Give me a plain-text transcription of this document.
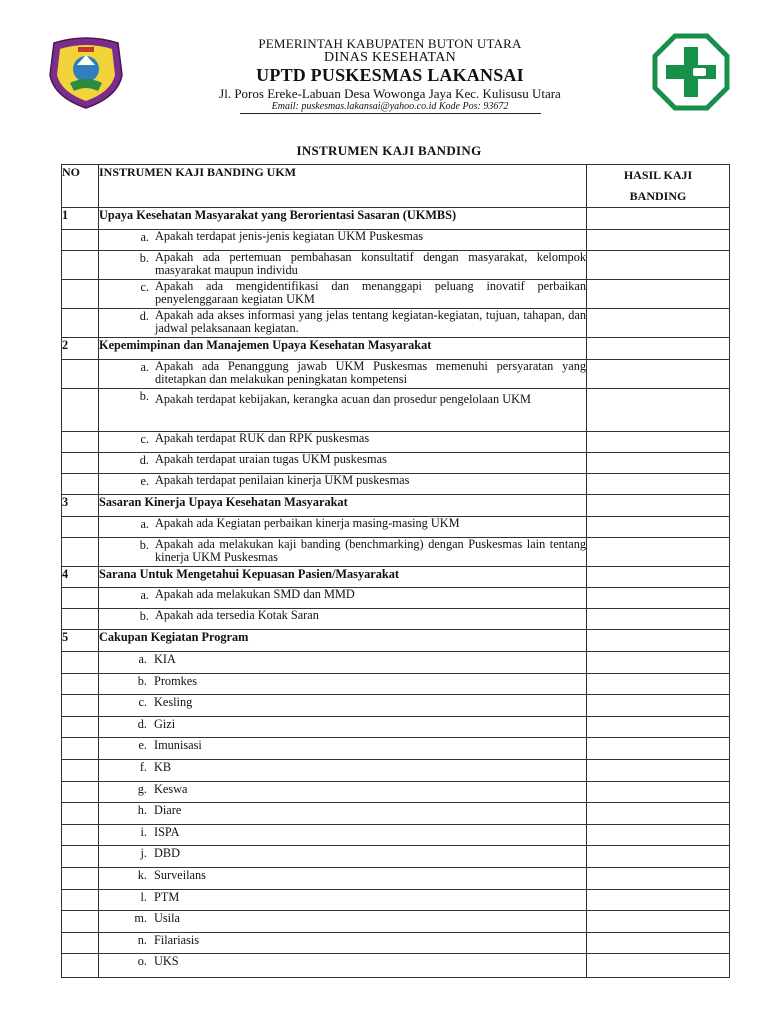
PEMERINTAH KABUPATEN BUTON UTARA
DINAS KESEHATAN
UPTD PUSKESMAS LAKANSAI
Jl. Poros Ereke-Labuan Desa Wowonga Jaya Kec. Kulisusu Utara
Email: puskesmas.lakansai@yahoo.co.id Kode Pos: 93672
INSTRUMEN KAJI BANDING
NO	INSTRUMEN KAJI BANDING UKM	HASIL KAJI
BANDING

1	Upaya Kesehatan Masyarakat yang Berorientasi Sasaran (UKMBS)	

	a. Apakah terdapat jenis-jenis kegiatan UKM Puskesmas	

	b. Apakah ada pertemuan pembahasan konsultatif dengan masyarakat, kelompok masyarakat maupun individu	

	c. Apakah ada mengidentifikasi dan menanggapi peluang inovatif perbaikan penyelenggaraan kegiatan UKM	

	d. Apakah ada akses informasi yang jelas tentang kegiatan-kegiatan, tujuan, tahapan, dan jadwal pelaksanaan kegiatan.	

2	Kepemimpinan dan Manajemen Upaya Kesehatan Masyarakat	

	a. Apakah ada Penanggung jawab UKM Puskesmas memenuhi persyaratan yang ditetapkan dan melakukan peningkatan kompetensi	

	b. Apakah terdapat kebijakan, kerangka acuan dan prosedur pengelolaan UKM	

	c. Apakah terdapat RUK dan RPK puskesmas	

	d. Apakah terdapat uraian tugas UKM puskesmas	

	e. Apakah terdapat penilaian kinerja UKM puskesmas	

3	Sasaran Kinerja Upaya Kesehatan Masyarakat	

	a. Apakah ada Kegiatan perbaikan kinerja masing-masing UKM	

	b. Apakah ada melakukan kaji banding (benchmarking) dengan Puskesmas lain tentang kinerja UKM Puskesmas	

4	Sarana Untuk Mengetahui Kepuasan Pasien/Masyarakat	

	a. Apakah ada melakukan SMD dan MMD	

	b. Apakah ada tersedia Kotak Saran	

5	Cakupan Kegiatan Program	

	a. KIA	

	b. Promkes	

	c. Kesling	

	d. Gizi	

	e. Imunisasi	

	f. KB	

	g. Keswa	

	h. Diare	

	i. ISPA	

	j. DBD	

	k. Surveilans	

	l. PTM	

	m. Usila	

	n. Filariasis	

	o. UKS	
